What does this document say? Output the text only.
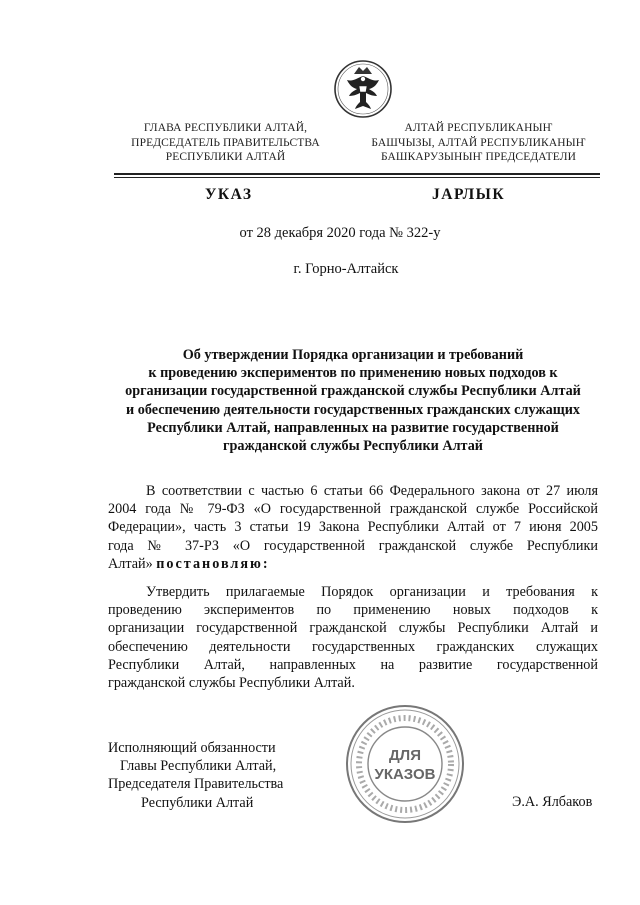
ГЛАВА РЕСПУБЛИКИ АЛТАЙ,
ПРЕДСЕДАТЕЛЬ ПРАВИТЕЛЬСТВА
РЕСПУБЛИКИ АЛТАЙ
АЛТАЙ РЕСПУБЛИКАНЫҤ
БАШЧЫЗЫ, АЛТАЙ РЕСПУБЛИКАНЫҤ
БАШКАРУЗЫНЫҤ ПРЕДСЕДАТЕЛИ
УКАЗ	ЈАРЛЫК
от 28 декабря 2020 года № 322-у
г. Горно-Алтайск
Об утверждении Порядка организации и требований
к проведению экспериментов по применению новых подходов к
организации государственной гражданской службы Республики Алтай
и обеспечению деятельности государственных гражданских служащих
Республики Алтай, направленных на развитие государственной
гражданской службы Республики Алтай
В соответствии с частью 6 статьи 66 Федерального закона от 27 июля
2004 года № 79-ФЗ «О государственной гражданской службе Российской
Федерации», часть 3 статьи 19 Закона Республики Алтай от 7 июня 2005
года № 37-РЗ «О государственной гражданской службе Республики
Алтай» постановляю:
Утвердить прилагаемые Порядок организации и требования к
проведению экспериментов по применению новых подходов к
организации государственной гражданской службы Республики Алтай и
обеспечению деятельности государственных гражданских служащих
Республики Алтай, направленных на развитие государственной
гражданской службы Республики Алтай.
ДЛЯ
УКАЗОВ
Исполняющий обязанности
Главы Республики Алтай,
Председателя Правительства
Республики Алтай	Э.А. Ялбаков
